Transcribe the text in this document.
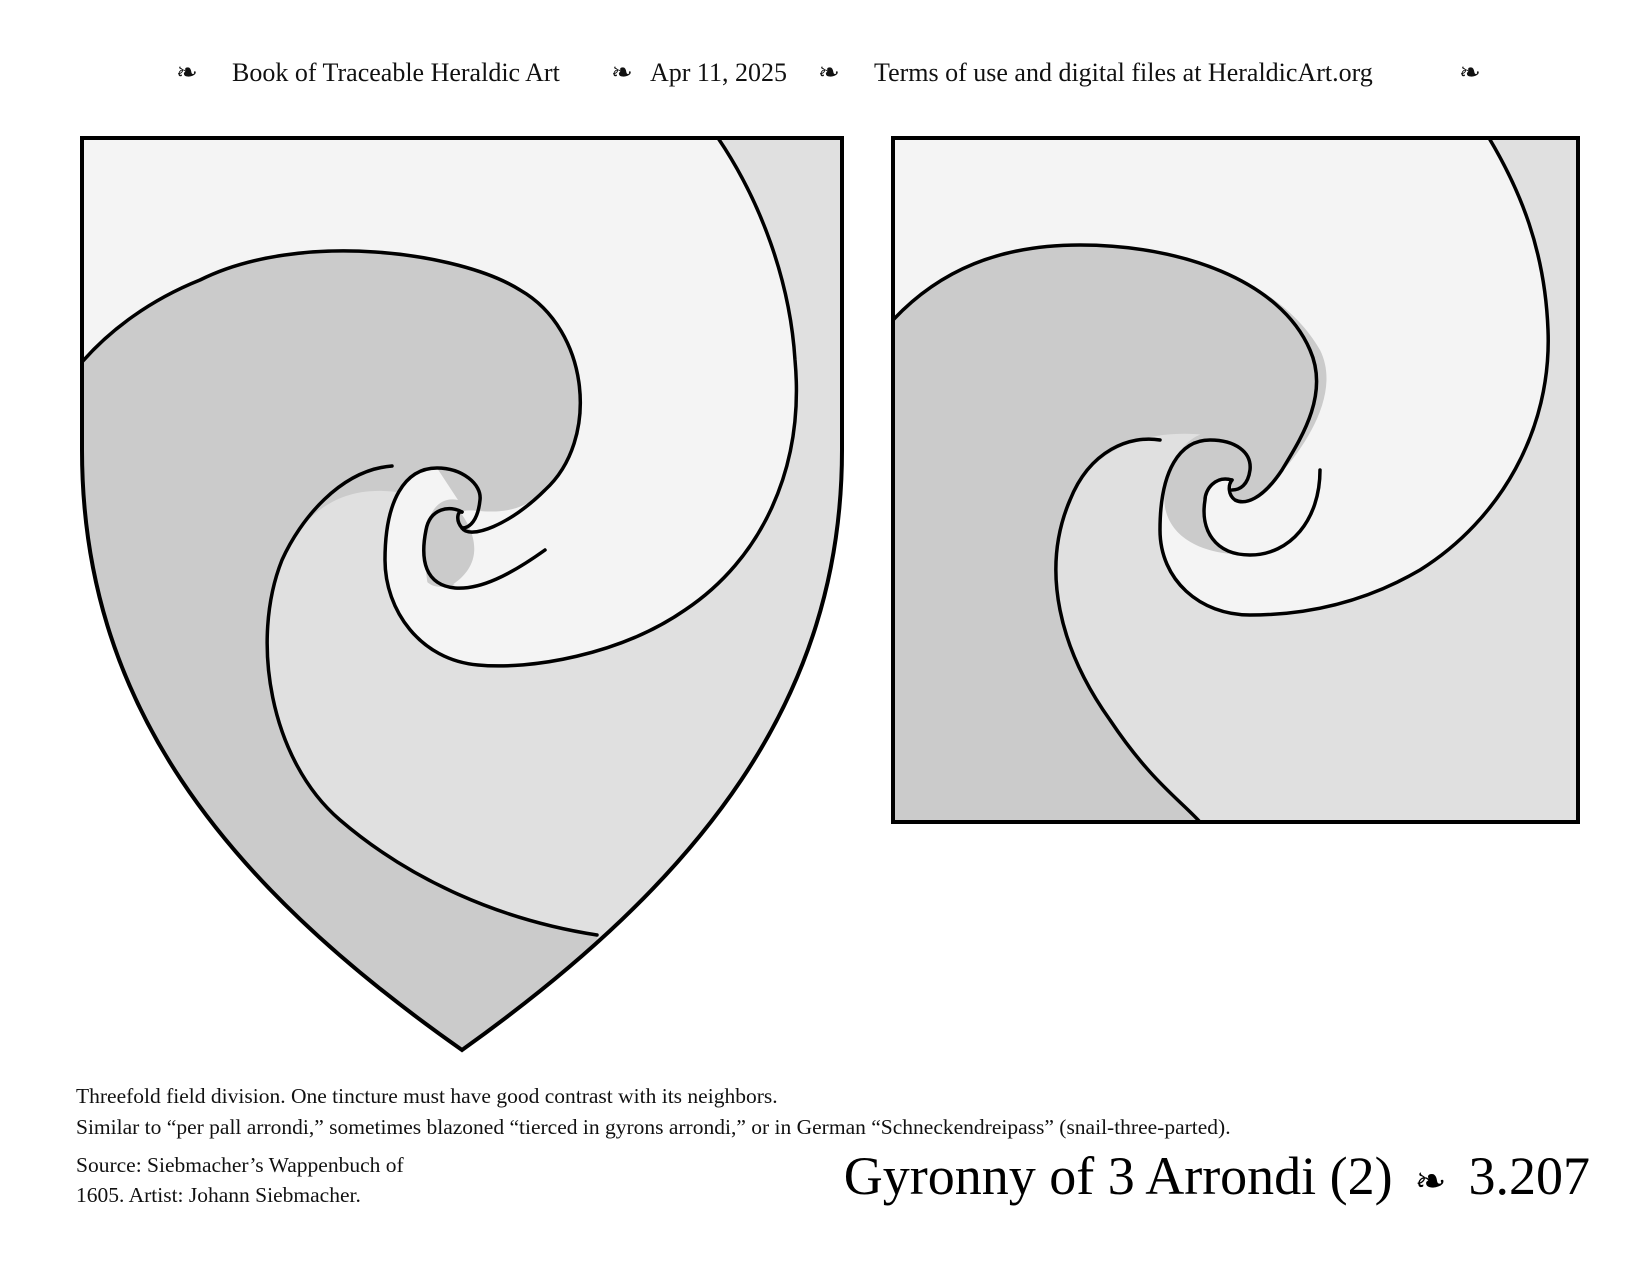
❧ Book of Traceable Heraldic Art ❧ Apr 11, 2025 ❧ Terms of use and digital files at HeraldicArt.org	❧
Threefold field division. One tincture must have good contrast with its neighbors.
Similar to “per pall arrondi,” sometimes blazoned “tierced in gyrons arrondi,” or in German “Schneckendreipass” (snail-three-parted).
Source: Siebmacher’s Wappenbuch of
1605. Artist: Johann Siebmacher.	Gyronny of 3 Arrondi (2) ❧ 3.207
